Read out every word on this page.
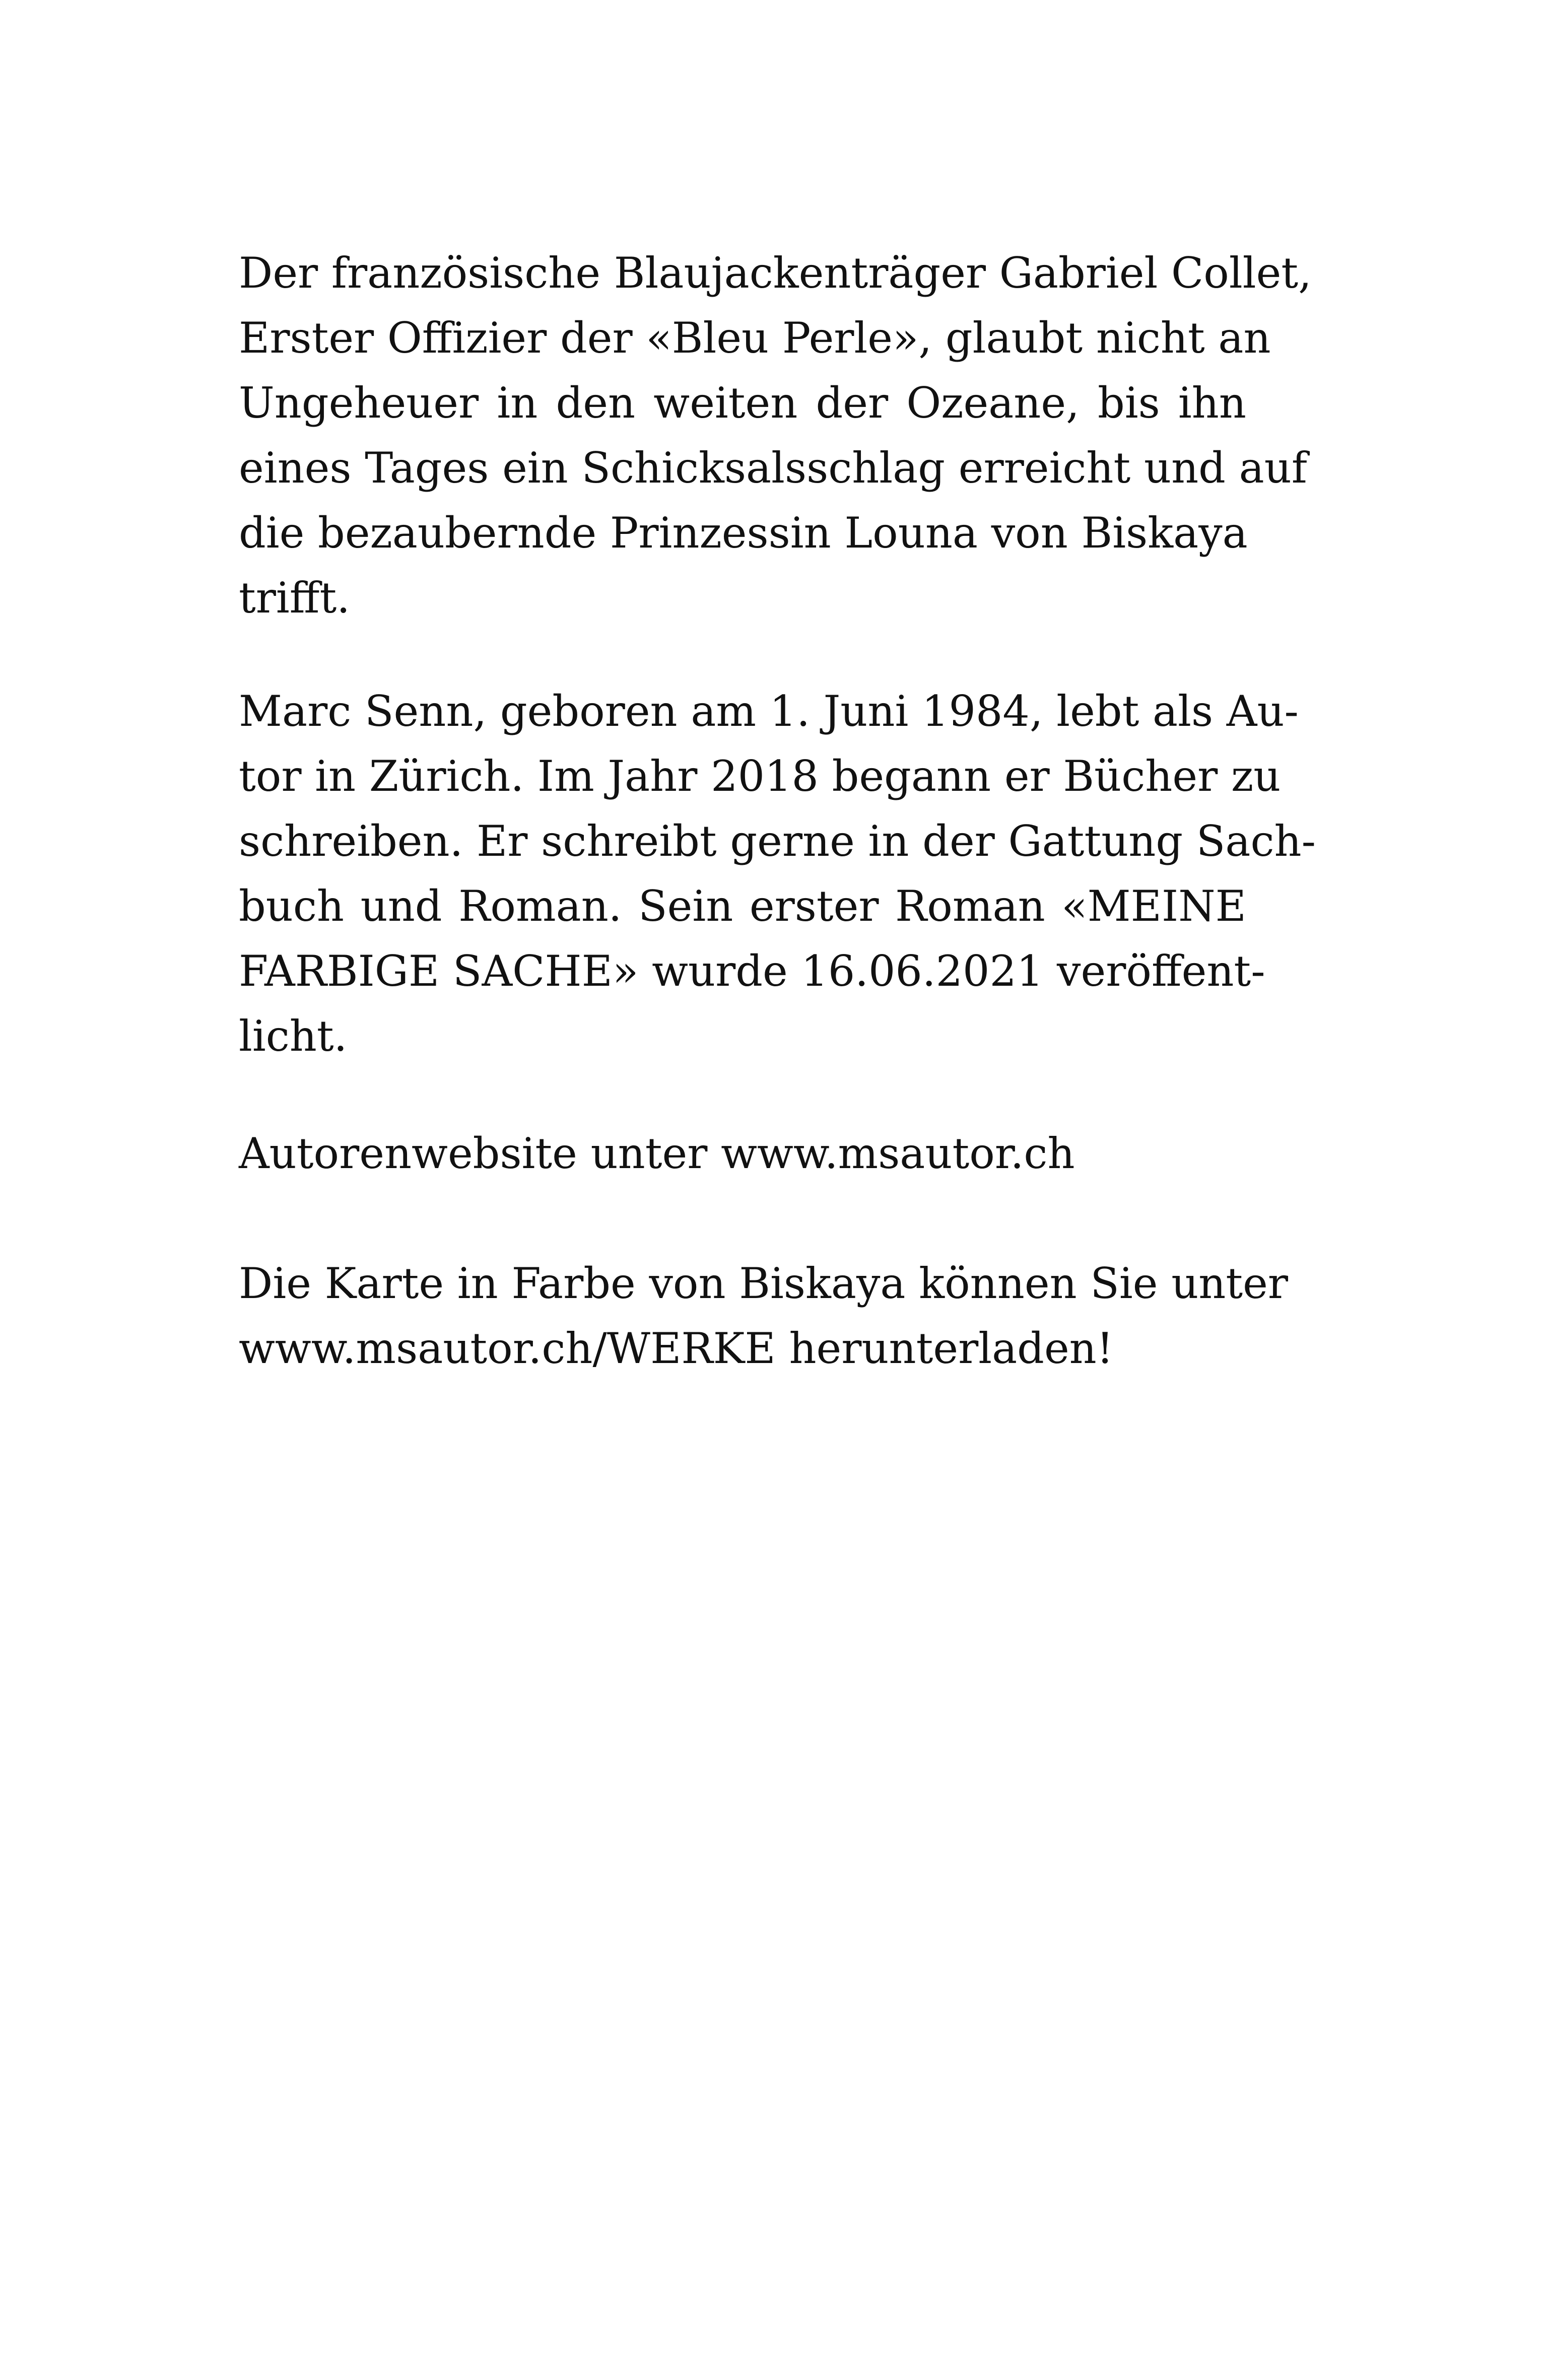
Der französische Blaujackenträger Gabriel Collet,
Erster Offizier der «Bleu Perle», glaubt nicht an
Ungeheuer in den weiten der Ozeane, bis ihn
eines Tages ein Schicksalsschlag erreicht und auf
die bezaubernde Prinzessin Louna von Biskaya
trifft.
Marc Senn, geboren am 1. Juni 1984, lebt als Au-
tor in Zürich. Im Jahr 2018 begann er Bücher zu
schreiben. Er schreibt gerne in der Gattung Sach-
buch und Roman. Sein erster Roman «MEINE
FARBIGE SACHE» wurde 16.06.2021 veröffent-
licht.
Autorenwebsite unter www.msautor.ch
Die Karte in Farbe von Biskaya können Sie unter
www.msautor.ch/WERKE herunterladen!
